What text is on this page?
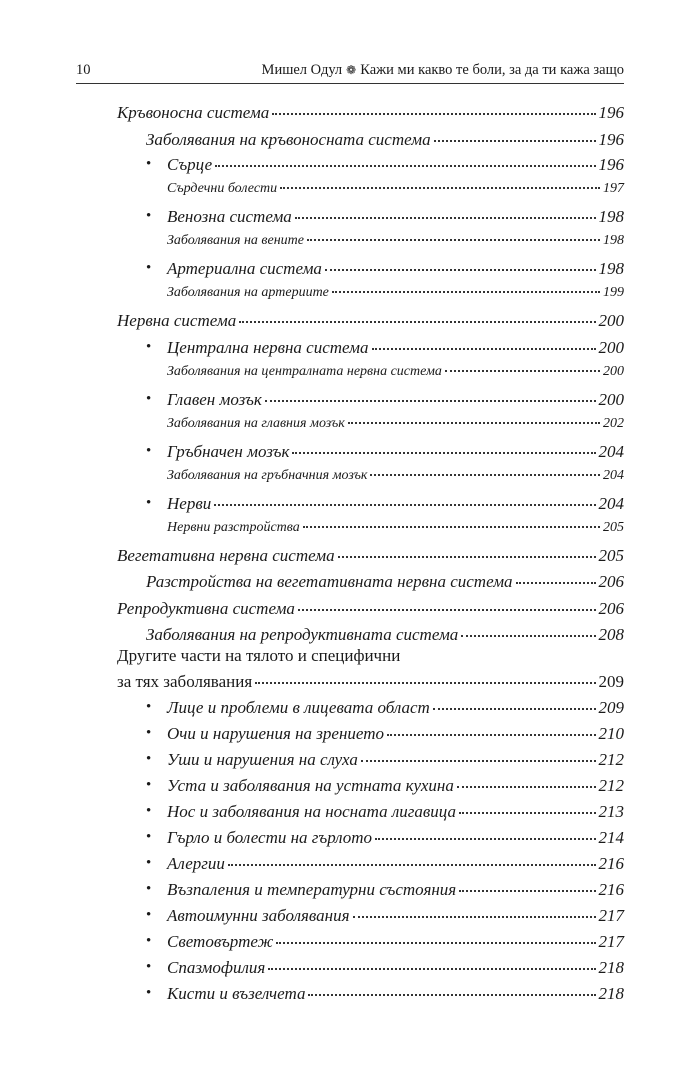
10	Мишел Одул ❁ Кажи ми какво те боли, за да ти кажа защо
Кръвоносна система	196
Заболявания на кръвоносната система	196
Сърце	196
•
Сърдечни болести	197
Венозна система	198
•
Заболявания на вените	198
Артериална система	198
•
Заболявания на артериите	199
Нервна система	200
Централна нервна система	200
•
Заболявания на централната нервна система	200
Главен мозък	200
•
Заболявания на главния мозък	202
Гръбначен мозък	204
•
Заболявания на гръбначния мозък	204
Нерви	204
•
Нервни разстройства	205
Вегетативна нервна система	205
Разстройства на вегетативната нервна система	206
Репродуктивна система	206
Заболявания на репродуктивната система	208
Другите части на тялото и специфични
за тях заболявания	209
Лице и проблеми в лицевата област	209
•
Очи и нарушения на зрението	210
•
Уши и нарушения на слуха	212
•
Уста и заболявания на устната кухина	212
•
Нос и заболявания на носната лигавица	213
•
Гърло и болести на гърлото	214
•
Алергии	216
•
Възпаления и температурни състояния	216
•
Автоимунни заболявания	217
•
Световъртеж	217
•
Спазмофилия	218
•
Кисти и възелчета	218
•
